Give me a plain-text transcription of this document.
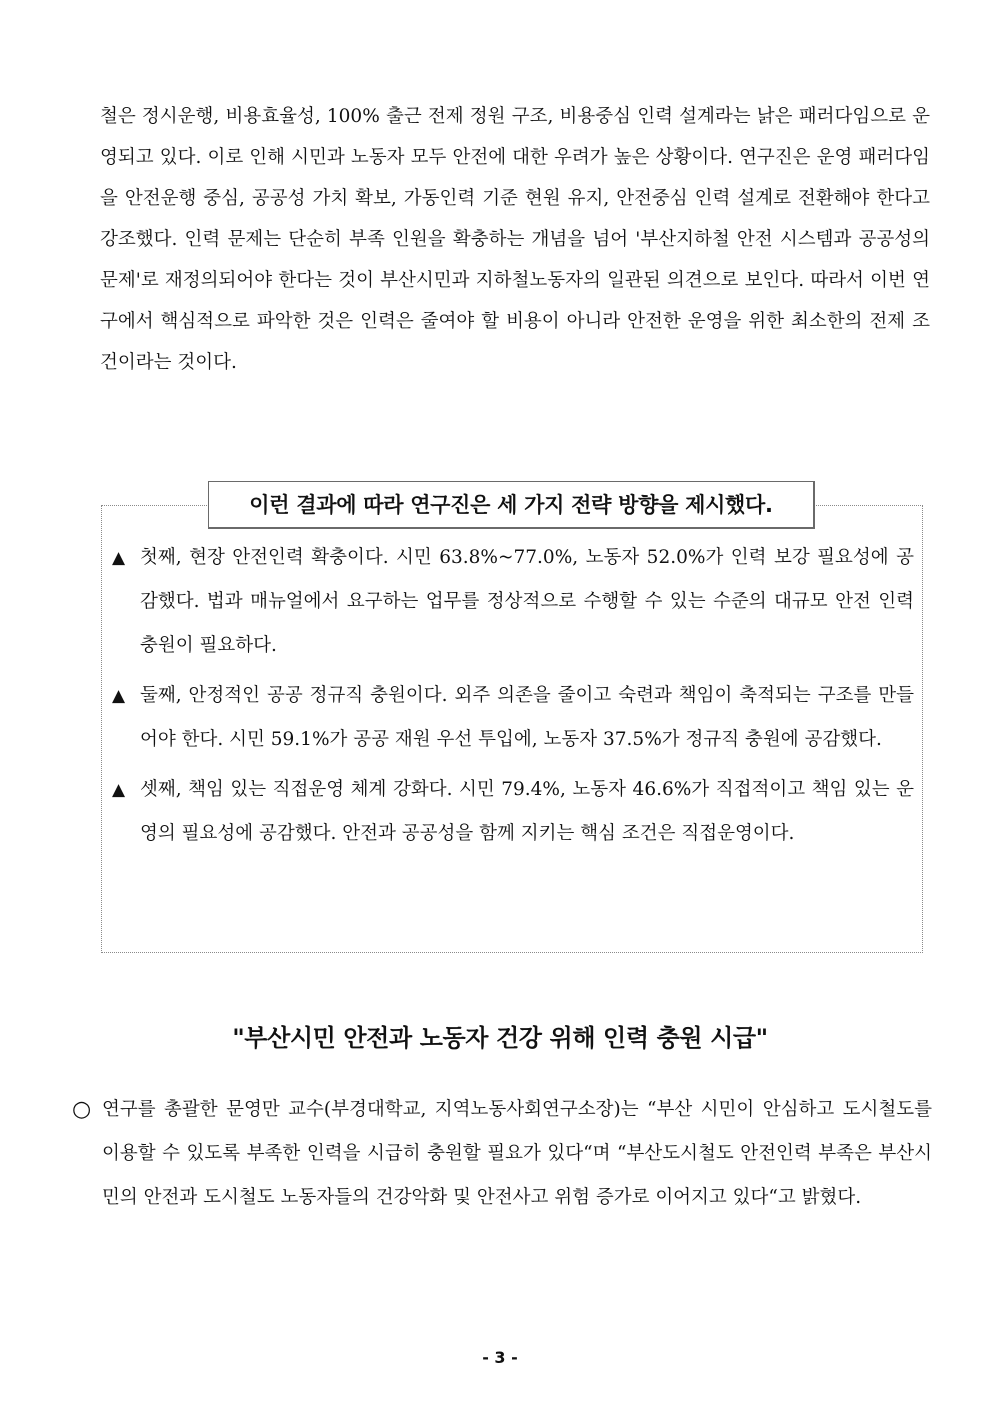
철은 정시운행, 비용효율성, 100% 출근 전제 정원 구조, 비용중심 인력 설계라는 낡은 패러다임으로 운영되고 있다. 이로 인해 시민과 노동자 모두 안전에 대한 우려가 높은 상황이다. 연구진은 운영 패러다임을 안전운행 중심, 공공성 가치 확보, 가동인력 기준 현원 유지, 안전중심 인력 설계로 전환해야 한다고 강조했다. 인력 문제는 단순히 부족 인원을 확충하는 개념을 넘어 '부산지하철 안전 시스템과 공공성의 문제'로 재정의되어야 한다는 것이 부산시민과 지하철노동자의 일관된 의견으로 보인다. 따라서 이번 연구에서 핵심적으로 파악한 것은 인력은 줄여야 할 비용이 아니라 안전한 운영을 위한 최소한의 전제 조건이라는 것이다.

이런 결과에 따라 연구진은 세 가지 전략 방향을 제시했다.
▲ 첫째, 현장 안전인력 확충이다. 시민 63.8%~77.0%, 노동자 52.0%가 인력 보강 필요성에 공감했다. 법과 매뉴얼에서 요구하는 업무를 정상적으로 수행할 수 있는 수준의 대규모 안전 인력 충원이 필요하다.
▲ 둘째, 안정적인 공공 정규직 충원이다. 외주 의존을 줄이고 숙련과 책임이 축적되는 구조를 만들어야 한다. 시민 59.1%가 공공 재원 우선 투입에, 노동자 37.5%가 정규직 충원에 공감했다.
▲ 셋째, 책임 있는 직접운영 체계 강화다. 시민 79.4%, 노동자 46.6%가 직접적이고 책임 있는 운영의 필요성에 공감했다. 안전과 공공성을 함께 지키는 핵심 조건은 직접운영이다.
"부산시민 안전과 노동자 건강 위해 인력 충원 시급"
○ 연구를 총괄한 문영만 교수(부경대학교, 지역노동사회연구소장)는 “부산 시민이 안심하고 도시철도를 이용할 수 있도록 부족한 인력을 시급히 충원할 필요가 있다“며 “부산도시철도 안전인력 부족은 부산시민의 안전과 도시철도 노동자들의 건강악화 및 안전사고 위험 증가로 이어지고 있다“고 밝혔다.
- 3 -
